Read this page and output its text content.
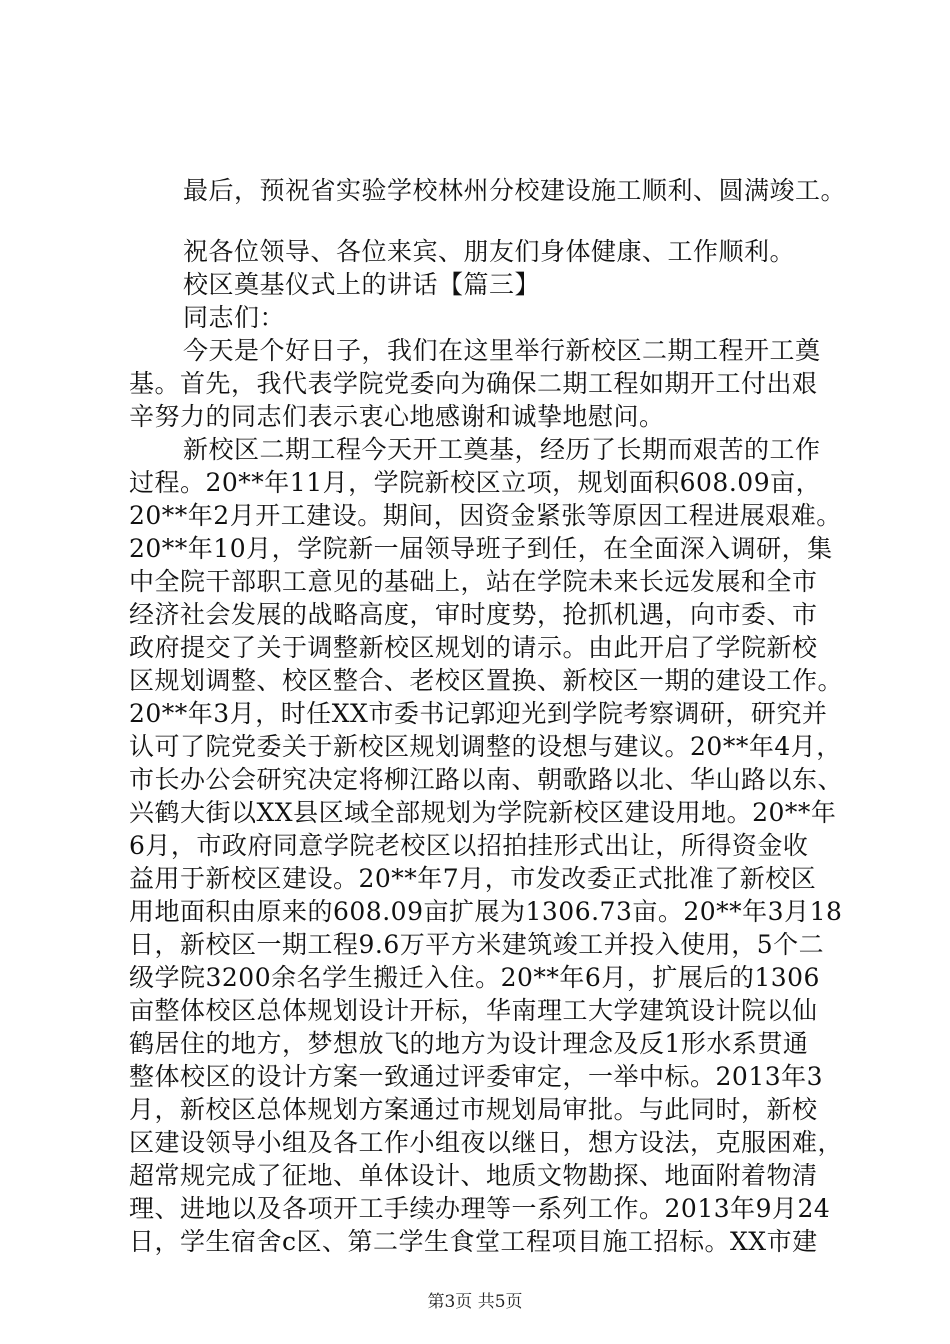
最后，预祝省实验学校林州分校建设施工顺利、圆满竣工。
祝各位领导、各位来宾、朋友们身体健康、工作顺利。
校区奠基仪式上的讲话【篇三】
同志们：
今天是个好日子，我们在这里举行新校区二期工程开工奠
基。首先，我代表学院党委向为确保二期工程如期开工付出艰
辛努力的同志们表示衷心地感谢和诚挚地慰问。
新校区二期工程今天开工奠基，经历了长期而艰苦的工作
过程。20**年11月，学院新校区立项，规划面积608.09亩，
20**年2月开工建设。期间，因资金紧张等原因工程进展艰难。
20**年10月，学院新一届领导班子到任，在全面深入调研，集
中全院干部职工意见的基础上，站在学院未来长远发展和全市
经济社会发展的战略高度，审时度势，抢抓机遇，向市委、市
政府提交了关于调整新校区规划的请示。由此开启了学院新校
区规划调整、校区整合、老校区置换、新校区一期的建设工作。
20**年3月，时任XX市委书记郭迎光到学院考察调研，研究并
认可了院党委关于新校区规划调整的设想与建议。20**年4月，
市长办公会研究决定将柳江路以南、朝歌路以北、华山路以东、
兴鹤大街以XX县区域全部规划为学院新校区建设用地。20**年
6月，市政府同意学院老校区以招拍挂形式出让，所得资金收
益用于新校区建设。20**年7月，市发改委正式批准了新校区
用地面积由原来的608.09亩扩展为1306.73亩。20**年3月18
日，新校区一期工程9.6万平方米建筑竣工并投入使用，5个二
级学院3200余名学生搬迁入住。20**年6月，扩展后的1306
亩整体校区总体规划设计开标，华南理工大学建筑设计院以仙
鹤居住的地方，梦想放飞的地方为设计理念及反1形水系贯通
整体校区的设计方案一致通过评委审定，一举中标。2013年3
月，新校区总体规划方案通过市规划局审批。与此同时，新校
区建设领导小组及各工作小组夜以继日，想方设法，克服困难，
超常规完成了征地、单体设计、地质文物勘探、地面附着物清
理、进地以及各项开工手续办理等一系列工作。2013年9月24
日，学生宿舍c区、第二学生食堂工程项目施工招标。XX市建
第3页 共5页
